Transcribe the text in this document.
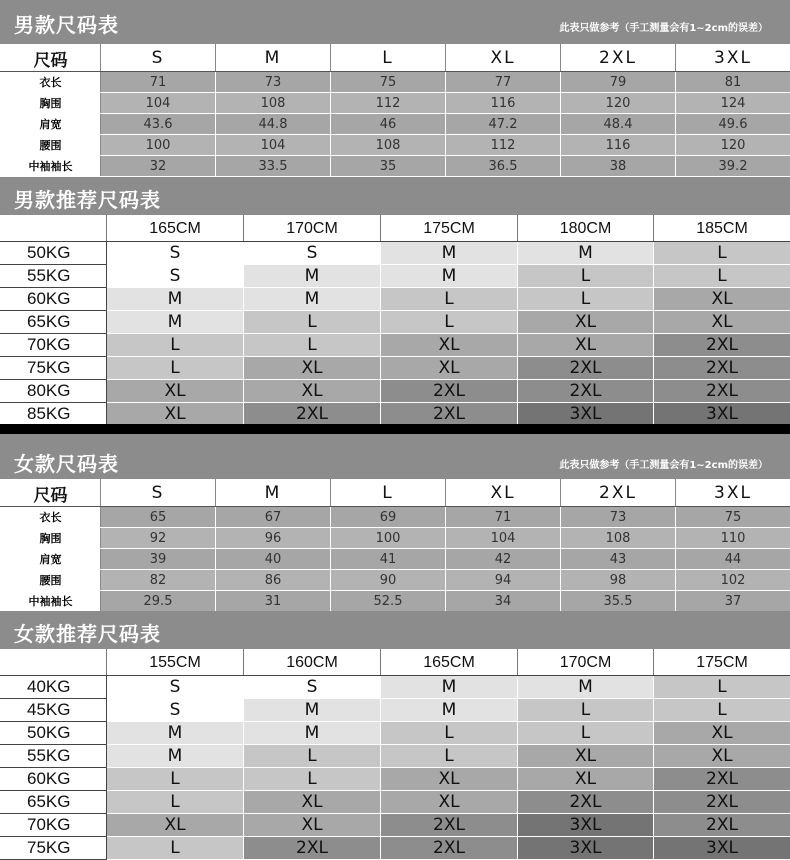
男款尺码表	此表只做参考（手工测量会有1~2cm的误差）
尺码	S	M	L	XL	2XL	3XL
衣长	71	73	75	77	79	81
胸围	104	108	112	116	120	124
肩宽	43.6	44.8	46	47.2	48.4	49.6
腰围	100	104	108	112	116	120
中袖袖长	32	33.5	35	36.5	38	39.2
男款推荐尺码表
	165CM	170CM	175CM	180CM	185CM
50KG	S	S	M	M	L
55KG	S	M	M	L	L
60KG	M	M	L	L	XL
65KG	M	L	L	XL	XL
70KG	L	L	XL	XL	2XL
75KG	L	XL	XL	2XL	2XL
80KG	XL	XL	2XL	2XL	2XL
85KG	XL	2XL	2XL	3XL	3XL
女款尺码表	此表只做参考（手工测量会有1~2cm的误差）
尺码	S	M	L	XL	2XL	3XL
衣长	65	67	69	71	73	75
胸围	92	96	100	104	108	110
肩宽	39	40	41	42	43	44
腰围	82	86	90	94	98	102
中袖袖长	29.5	31	52.5	34	35.5	37
女款推荐尺码表
	155CM	160CM	165CM	170CM	175CM
40KG	S	S	M	M	L
45KG	S	M	M	L	L
50KG	M	M	L	L	XL
55KG	M	L	L	XL	XL
60KG	L	L	XL	XL	2XL
65KG	L	XL	XL	2XL	2XL
70KG	XL	XL	2XL	3XL	2XL
75KG	L	2XL	2XL	3XL	3XL
